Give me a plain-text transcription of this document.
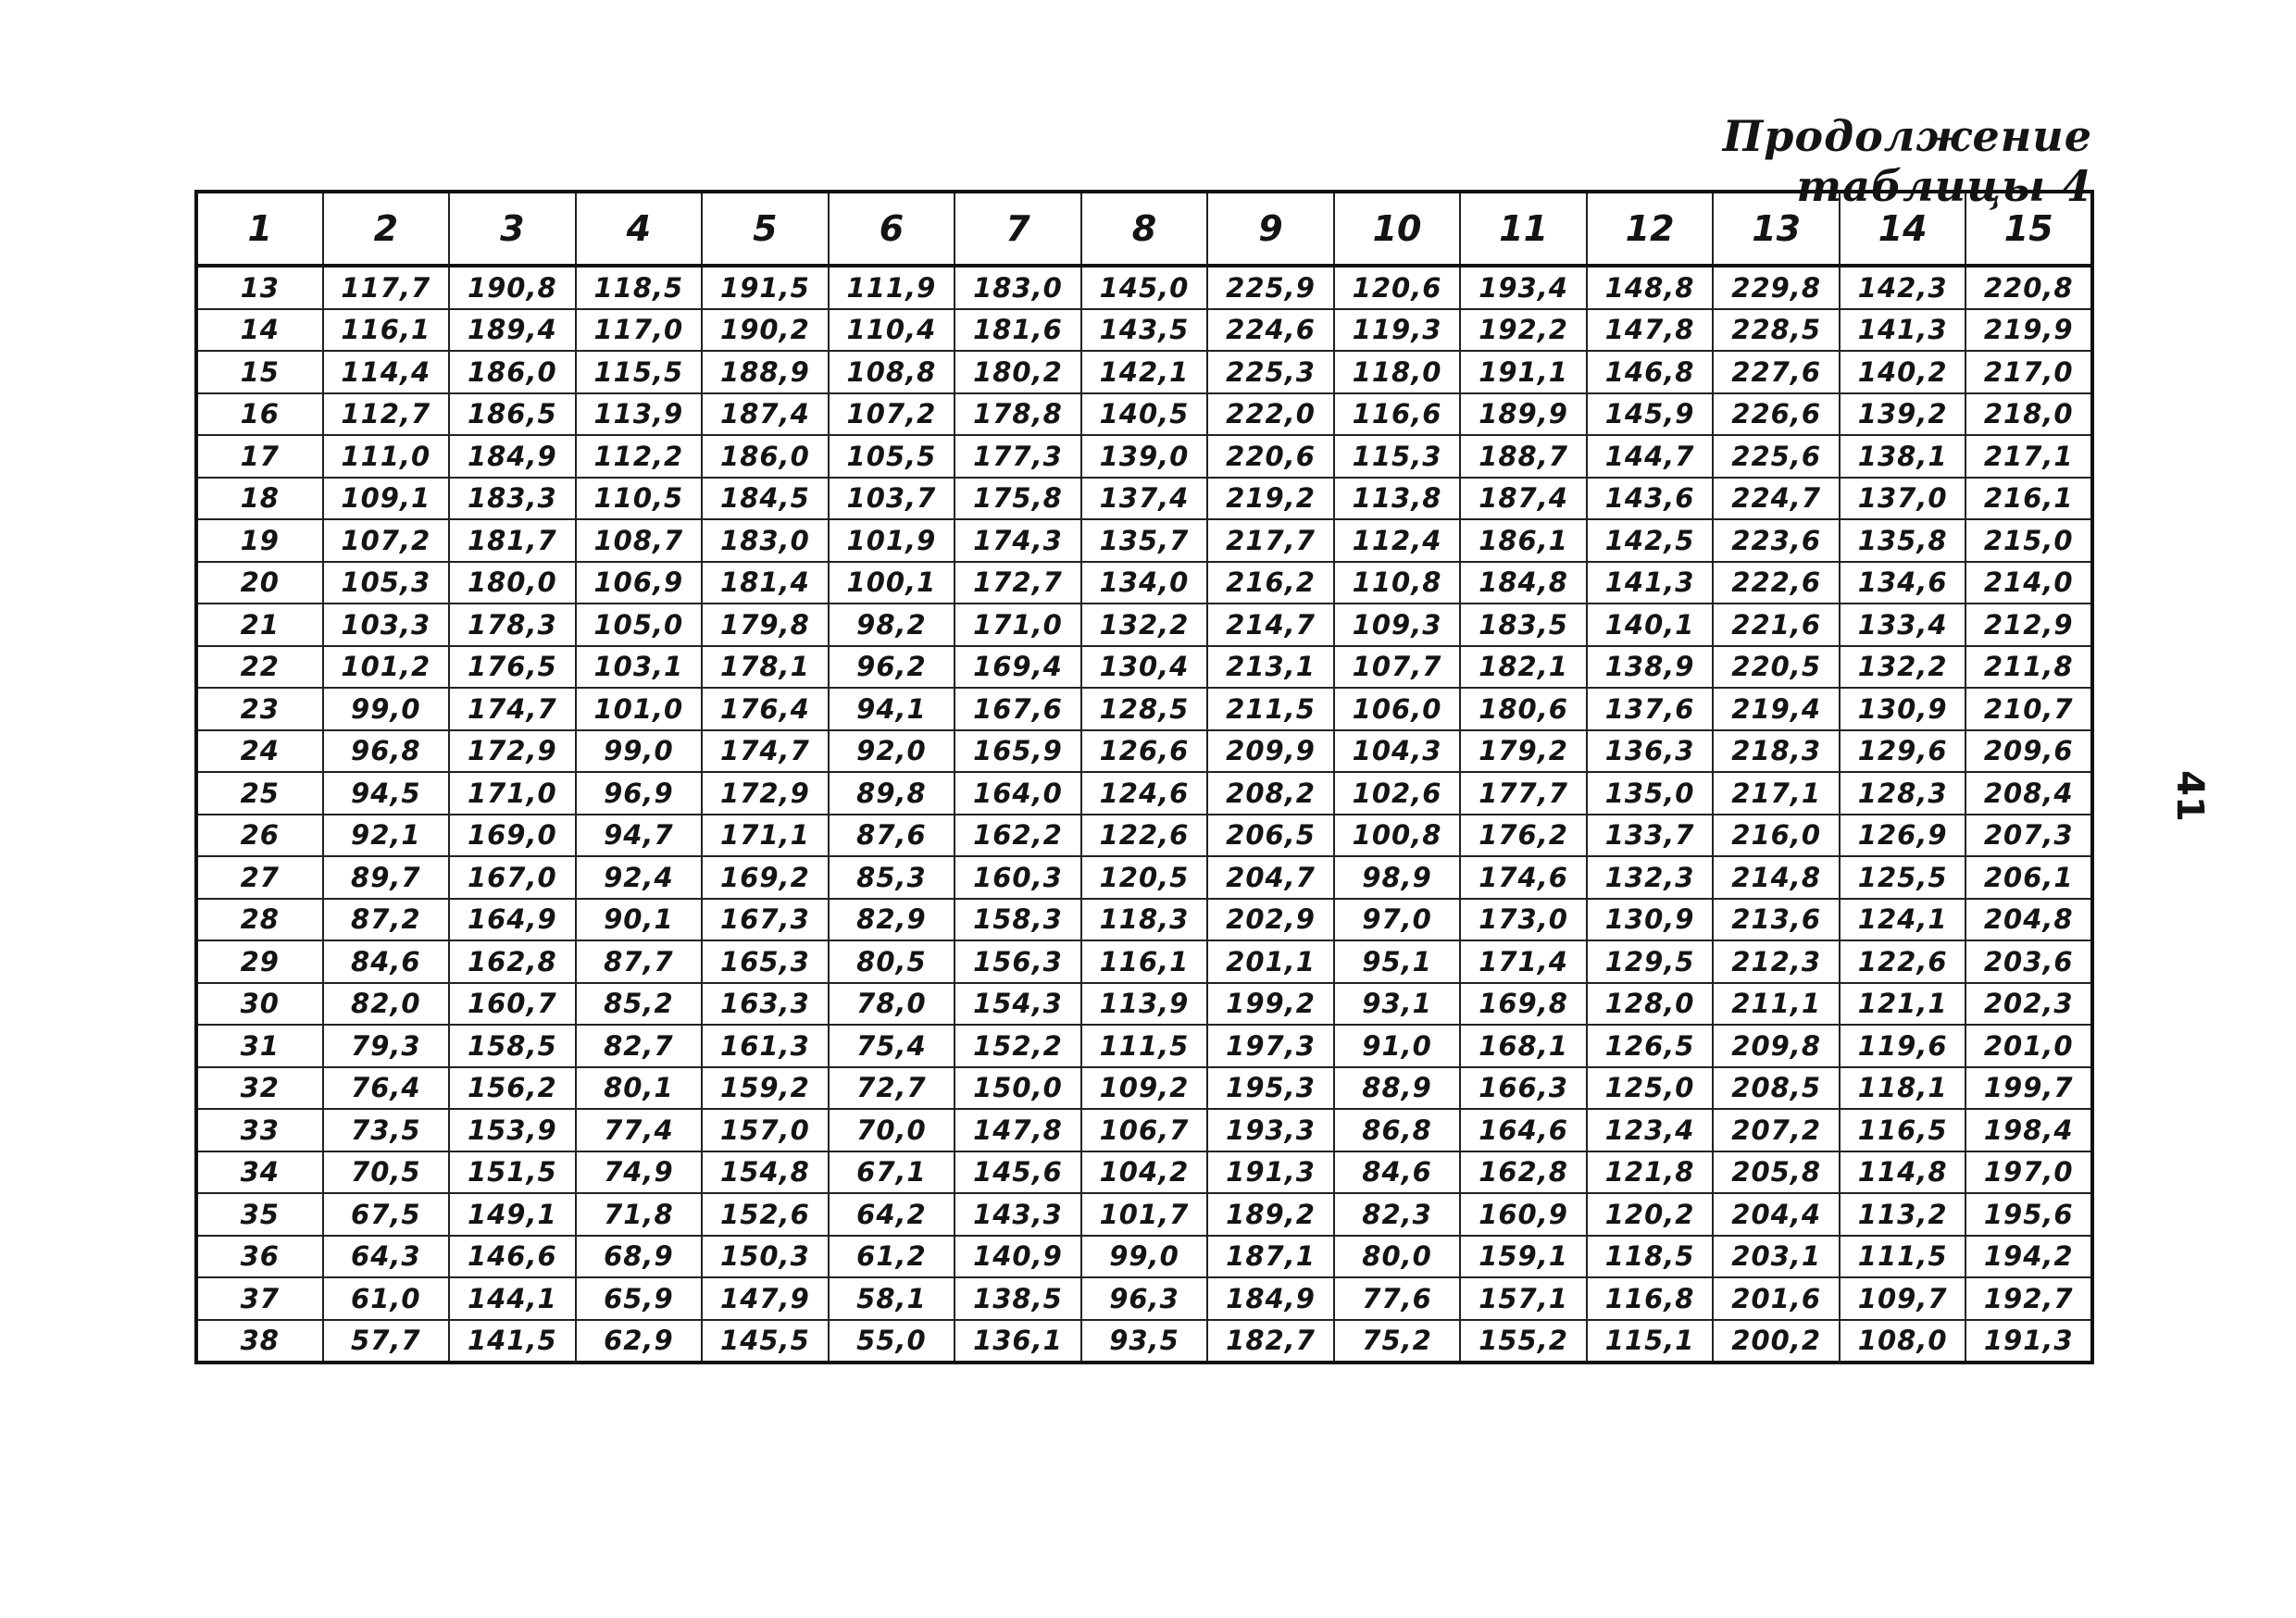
Продолжение таблицы 4
41
1	2	3	4	5	6	7	8	9	10	11	12	13	14	15
13	117,7	190,8	118,5	191,5	111,9	183,0	145,0	225,9	120,6	193,4	148,8	229,8	142,3	220,8
14	116,1	189,4	117,0	190,2	110,4	181,6	143,5	224,6	119,3	192,2	147,8	228,5	141,3	219,9
15	114,4	186,0	115,5	188,9	108,8	180,2	142,1	225,3	118,0	191,1	146,8	227,6	140,2	217,0
16	112,7	186,5	113,9	187,4	107,2	178,8	140,5	222,0	116,6	189,9	145,9	226,6	139,2	218,0
17	111,0	184,9	112,2	186,0	105,5	177,3	139,0	220,6	115,3	188,7	144,7	225,6	138,1	217,1
18	109,1	183,3	110,5	184,5	103,7	175,8	137,4	219,2	113,8	187,4	143,6	224,7	137,0	216,1
19	107,2	181,7	108,7	183,0	101,9	174,3	135,7	217,7	112,4	186,1	142,5	223,6	135,8	215,0
20	105,3	180,0	106,9	181,4	100,1	172,7	134,0	216,2	110,8	184,8	141,3	222,6	134,6	214,0
21	103,3	178,3	105,0	179,8	98,2	171,0	132,2	214,7	109,3	183,5	140,1	221,6	133,4	212,9
22	101,2	176,5	103,1	178,1	96,2	169,4	130,4	213,1	107,7	182,1	138,9	220,5	132,2	211,8
23	99,0	174,7	101,0	176,4	94,1	167,6	128,5	211,5	106,0	180,6	137,6	219,4	130,9	210,7
24	96,8	172,9	99,0	174,7	92,0	165,9	126,6	209,9	104,3	179,2	136,3	218,3	129,6	209,6
25	94,5	171,0	96,9	172,9	89,8	164,0	124,6	208,2	102,6	177,7	135,0	217,1	128,3	208,4
26	92,1	169,0	94,7	171,1	87,6	162,2	122,6	206,5	100,8	176,2	133,7	216,0	126,9	207,3
27	89,7	167,0	92,4	169,2	85,3	160,3	120,5	204,7	98,9	174,6	132,3	214,8	125,5	206,1
28	87,2	164,9	90,1	167,3	82,9	158,3	118,3	202,9	97,0	173,0	130,9	213,6	124,1	204,8
29	84,6	162,8	87,7	165,3	80,5	156,3	116,1	201,1	95,1	171,4	129,5	212,3	122,6	203,6
30	82,0	160,7	85,2	163,3	78,0	154,3	113,9	199,2	93,1	169,8	128,0	211,1	121,1	202,3
31	79,3	158,5	82,7	161,3	75,4	152,2	111,5	197,3	91,0	168,1	126,5	209,8	119,6	201,0
32	76,4	156,2	80,1	159,2	72,7	150,0	109,2	195,3	88,9	166,3	125,0	208,5	118,1	199,7
33	73,5	153,9	77,4	157,0	70,0	147,8	106,7	193,3	86,8	164,6	123,4	207,2	116,5	198,4
34	70,5	151,5	74,9	154,8	67,1	145,6	104,2	191,3	84,6	162,8	121,8	205,8	114,8	197,0
35	67,5	149,1	71,8	152,6	64,2	143,3	101,7	189,2	82,3	160,9	120,2	204,4	113,2	195,6
36	64,3	146,6	68,9	150,3	61,2	140,9	99,0	187,1	80,0	159,1	118,5	203,1	111,5	194,2
37	61,0	144,1	65,9	147,9	58,1	138,5	96,3	184,9	77,6	157,1	116,8	201,6	109,7	192,7
38	57,7	141,5	62,9	145,5	55,0	136,1	93,5	182,7	75,2	155,2	115,1	200,2	108,0	191,3
